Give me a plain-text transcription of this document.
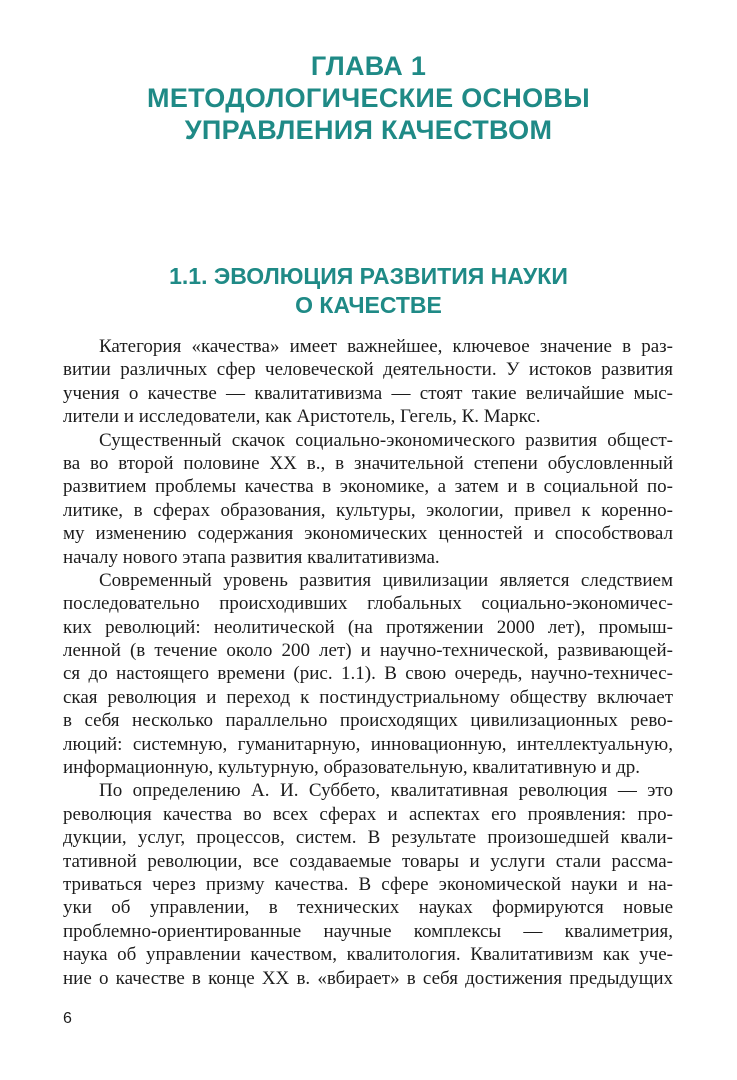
ГЛАВА 1
МЕТОДОЛОГИЧЕСКИЕ ОСНОВЫ
УПРАВЛЕНИЯ КАЧЕСТВОМ
1.1. ЭВОЛЮЦИЯ РАЗВИТИЯ НАУКИ
О КАЧЕСТВЕ
Категория «качества» имеет важнейшее, ключевое значение в раз-
витии различных сфер человеческой деятельности. У истоков развития
учения о качестве — квалитативизма — стоят такие величайшие мыс-
лители и исследователи, как Аристотель, Гегель, К. Маркс.
Существенный скачок социально-экономического развития общест-
ва во второй половине XX в., в значительной степени обусловленный
развитием проблемы качества в экономике, а затем и в социальной по-
литике, в сферах образования, культуры, экологии, привел к коренно-
му изменению содержания экономических ценностей и способствовал
началу нового этапа развития квалитативизма.
Современный уровень развития цивилизации является следствием
последовательно происходивших глобальных социально-экономичес-
ких революций: неолитической (на протяжении 2000 лет), промыш-
ленной (в течение около 200 лет) и научно-технической, развивающей-
ся до настоящего времени (рис. 1.1). В свою очередь, научно-техничес-
ская революция и переход к постиндустриальному обществу включает
в себя несколько параллельно происходящих цивилизационных рево-
люций: системную, гуманитарную, инновационную, интеллектуальную,
информационную, культурную, образовательную, квалитативную и др.
По определению А. И. Суббето, квалитативная революция — это
революция качества во всех сферах и аспектах его проявления: про-
дукции, услуг, процессов, систем. В результате произошедшей квали-
тативной революции, все создаваемые товары и услуги стали рассма-
триваться через призму качества. В сфере экономической науки и на-
уки об управлении, в технических науках формируются новые
проблемно-ориентированные научные комплексы — квалиметрия,
наука об управлении качеством, квалитология. Квалитативизм как уче-
ние о качестве в конце XX в. «вбирает» в себя достижения предыдущих
6
